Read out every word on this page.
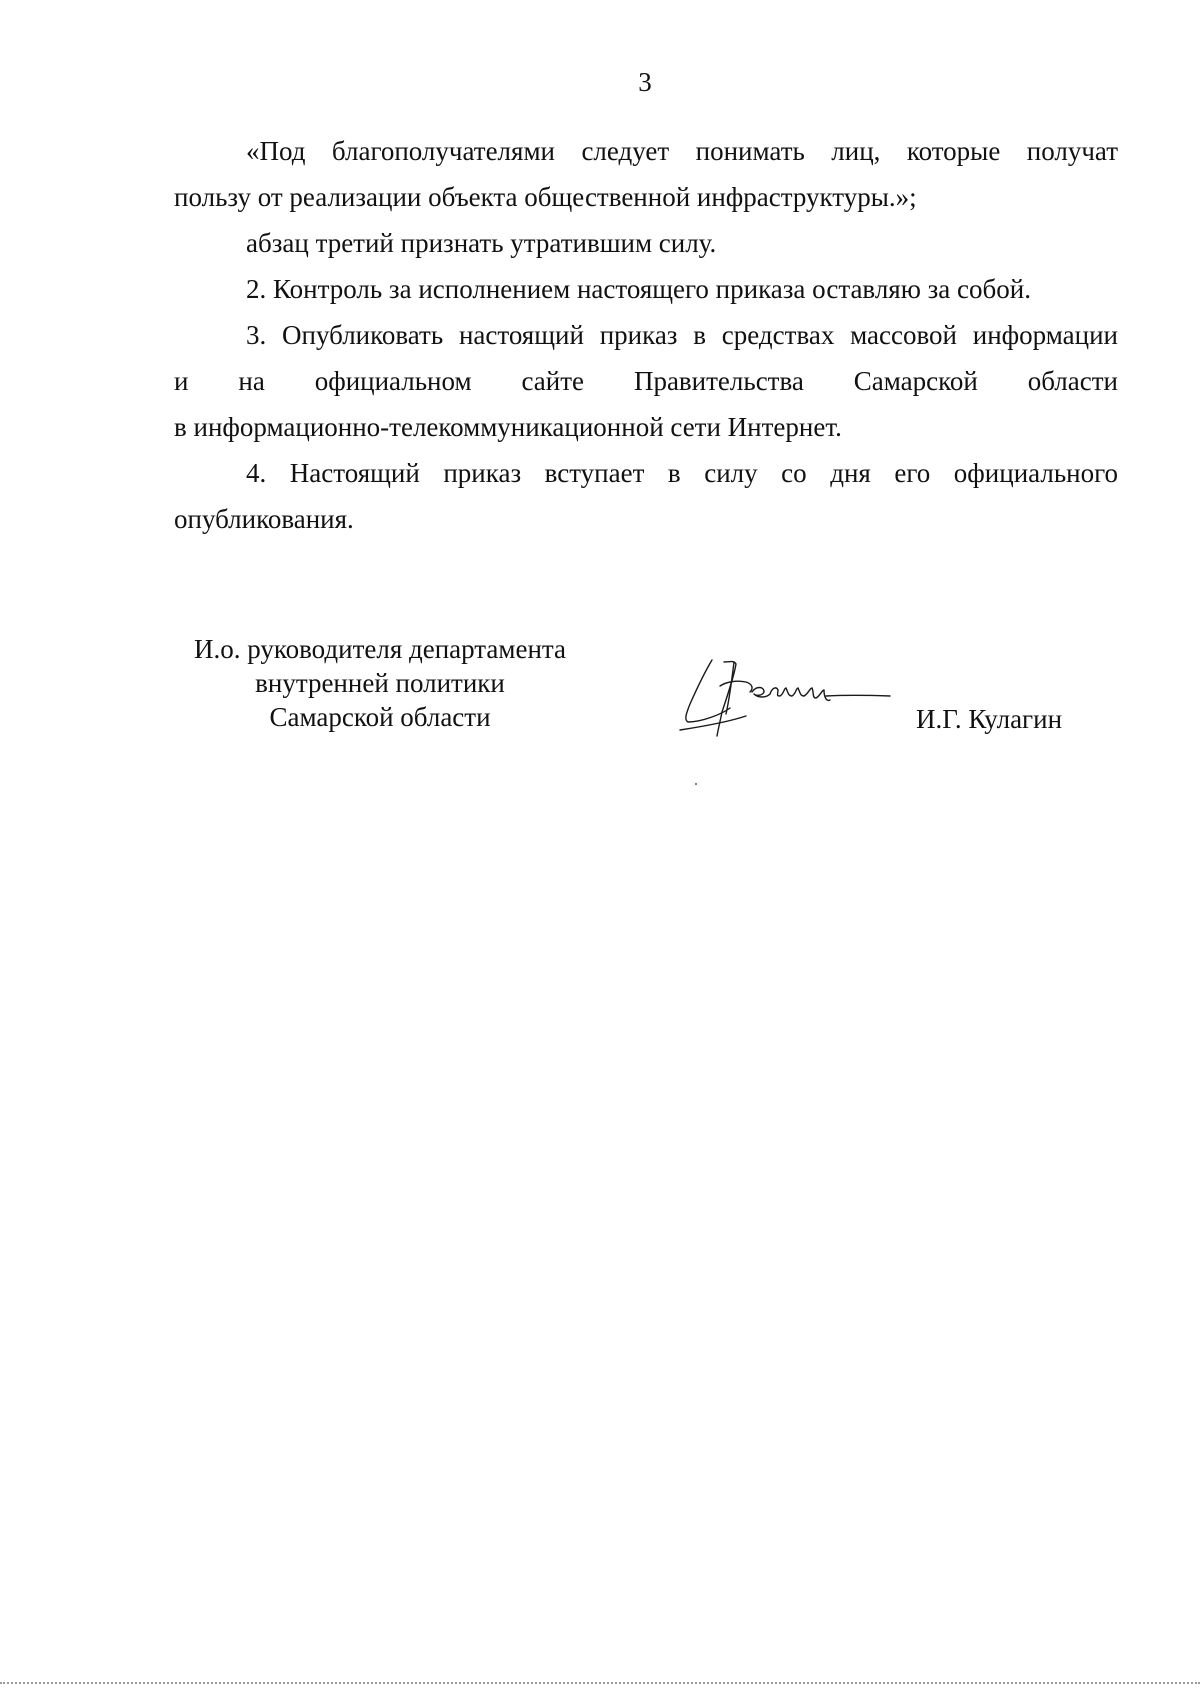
3

«Под благополучателями следует понимать лиц, которые получат

пользу от реализации объекта общественной инфраструктуры.»;

абзац третий признать утратившим силу.

2. Контроль за исполнением настоящего приказа оставляю за собой.

3. Опубликовать настоящий приказ в средствах массовой информации

и на официальном сайте Правительства Самарской области

в информационно-телекоммуникационной сети Интернет.

4. Настоящий приказ вступает в силу со дня его официального опубликования.

И.о. руководителя департамента
внутренней политики
Самарской области	И.Г. Кулагин
